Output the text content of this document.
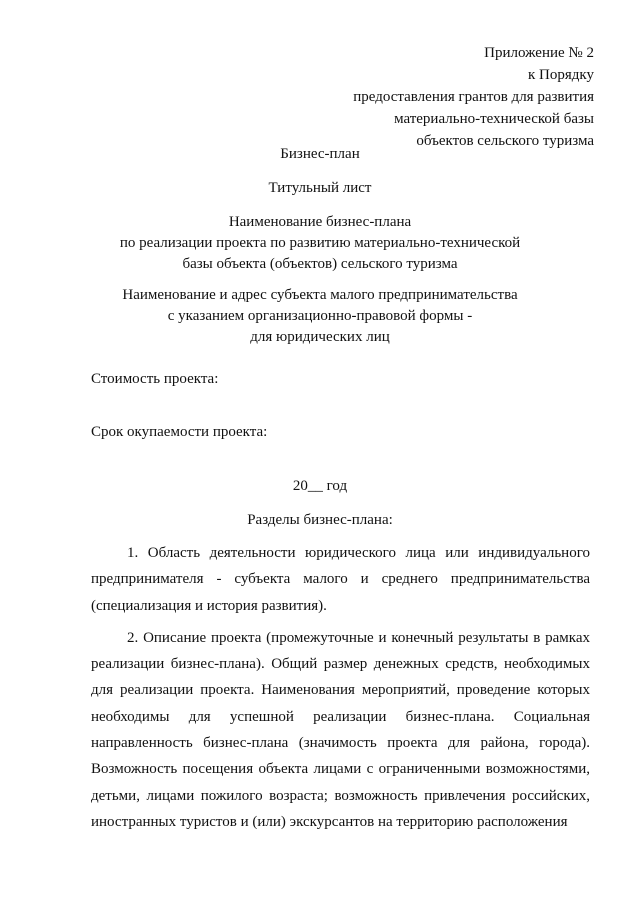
Приложение № 2
к Порядку
предоставления грантов для развития
материально-технической базы
объектов сельского туризма
Бизнес-план
Титульный лист
Наименование бизнес-плана
по реализации проекта по развитию материально-технической
базы объекта (объектов) сельского туризма
Наименование и адрес субъекта малого предпринимательства
с указанием организационно-правовой формы -
для юридических лиц
Стоимость проекта:
Срок окупаемости проекта:
20__ год
Разделы бизнес-плана:

1. Область деятельности юридического лица или индивидуального предпринимателя - субъекта малого и среднего предпринимательства (специализация и история развития).

2. Описание проекта (промежуточные и конечный результаты в рамках реализации бизнес-плана). Общий размер денежных средств, необходимых для реализации проекта. Наименования мероприятий, проведение которых необходимы для успешной реализации бизнес-плана. Социальная направленность бизнес-плана (значимость проекта для района, города). Возможность посещения объекта лицами с ограниченными возможностями, детьми, лицами пожилого возраста; возможность привлечения российских, иностранных туристов и (или) экскурсантов на территорию расположения
